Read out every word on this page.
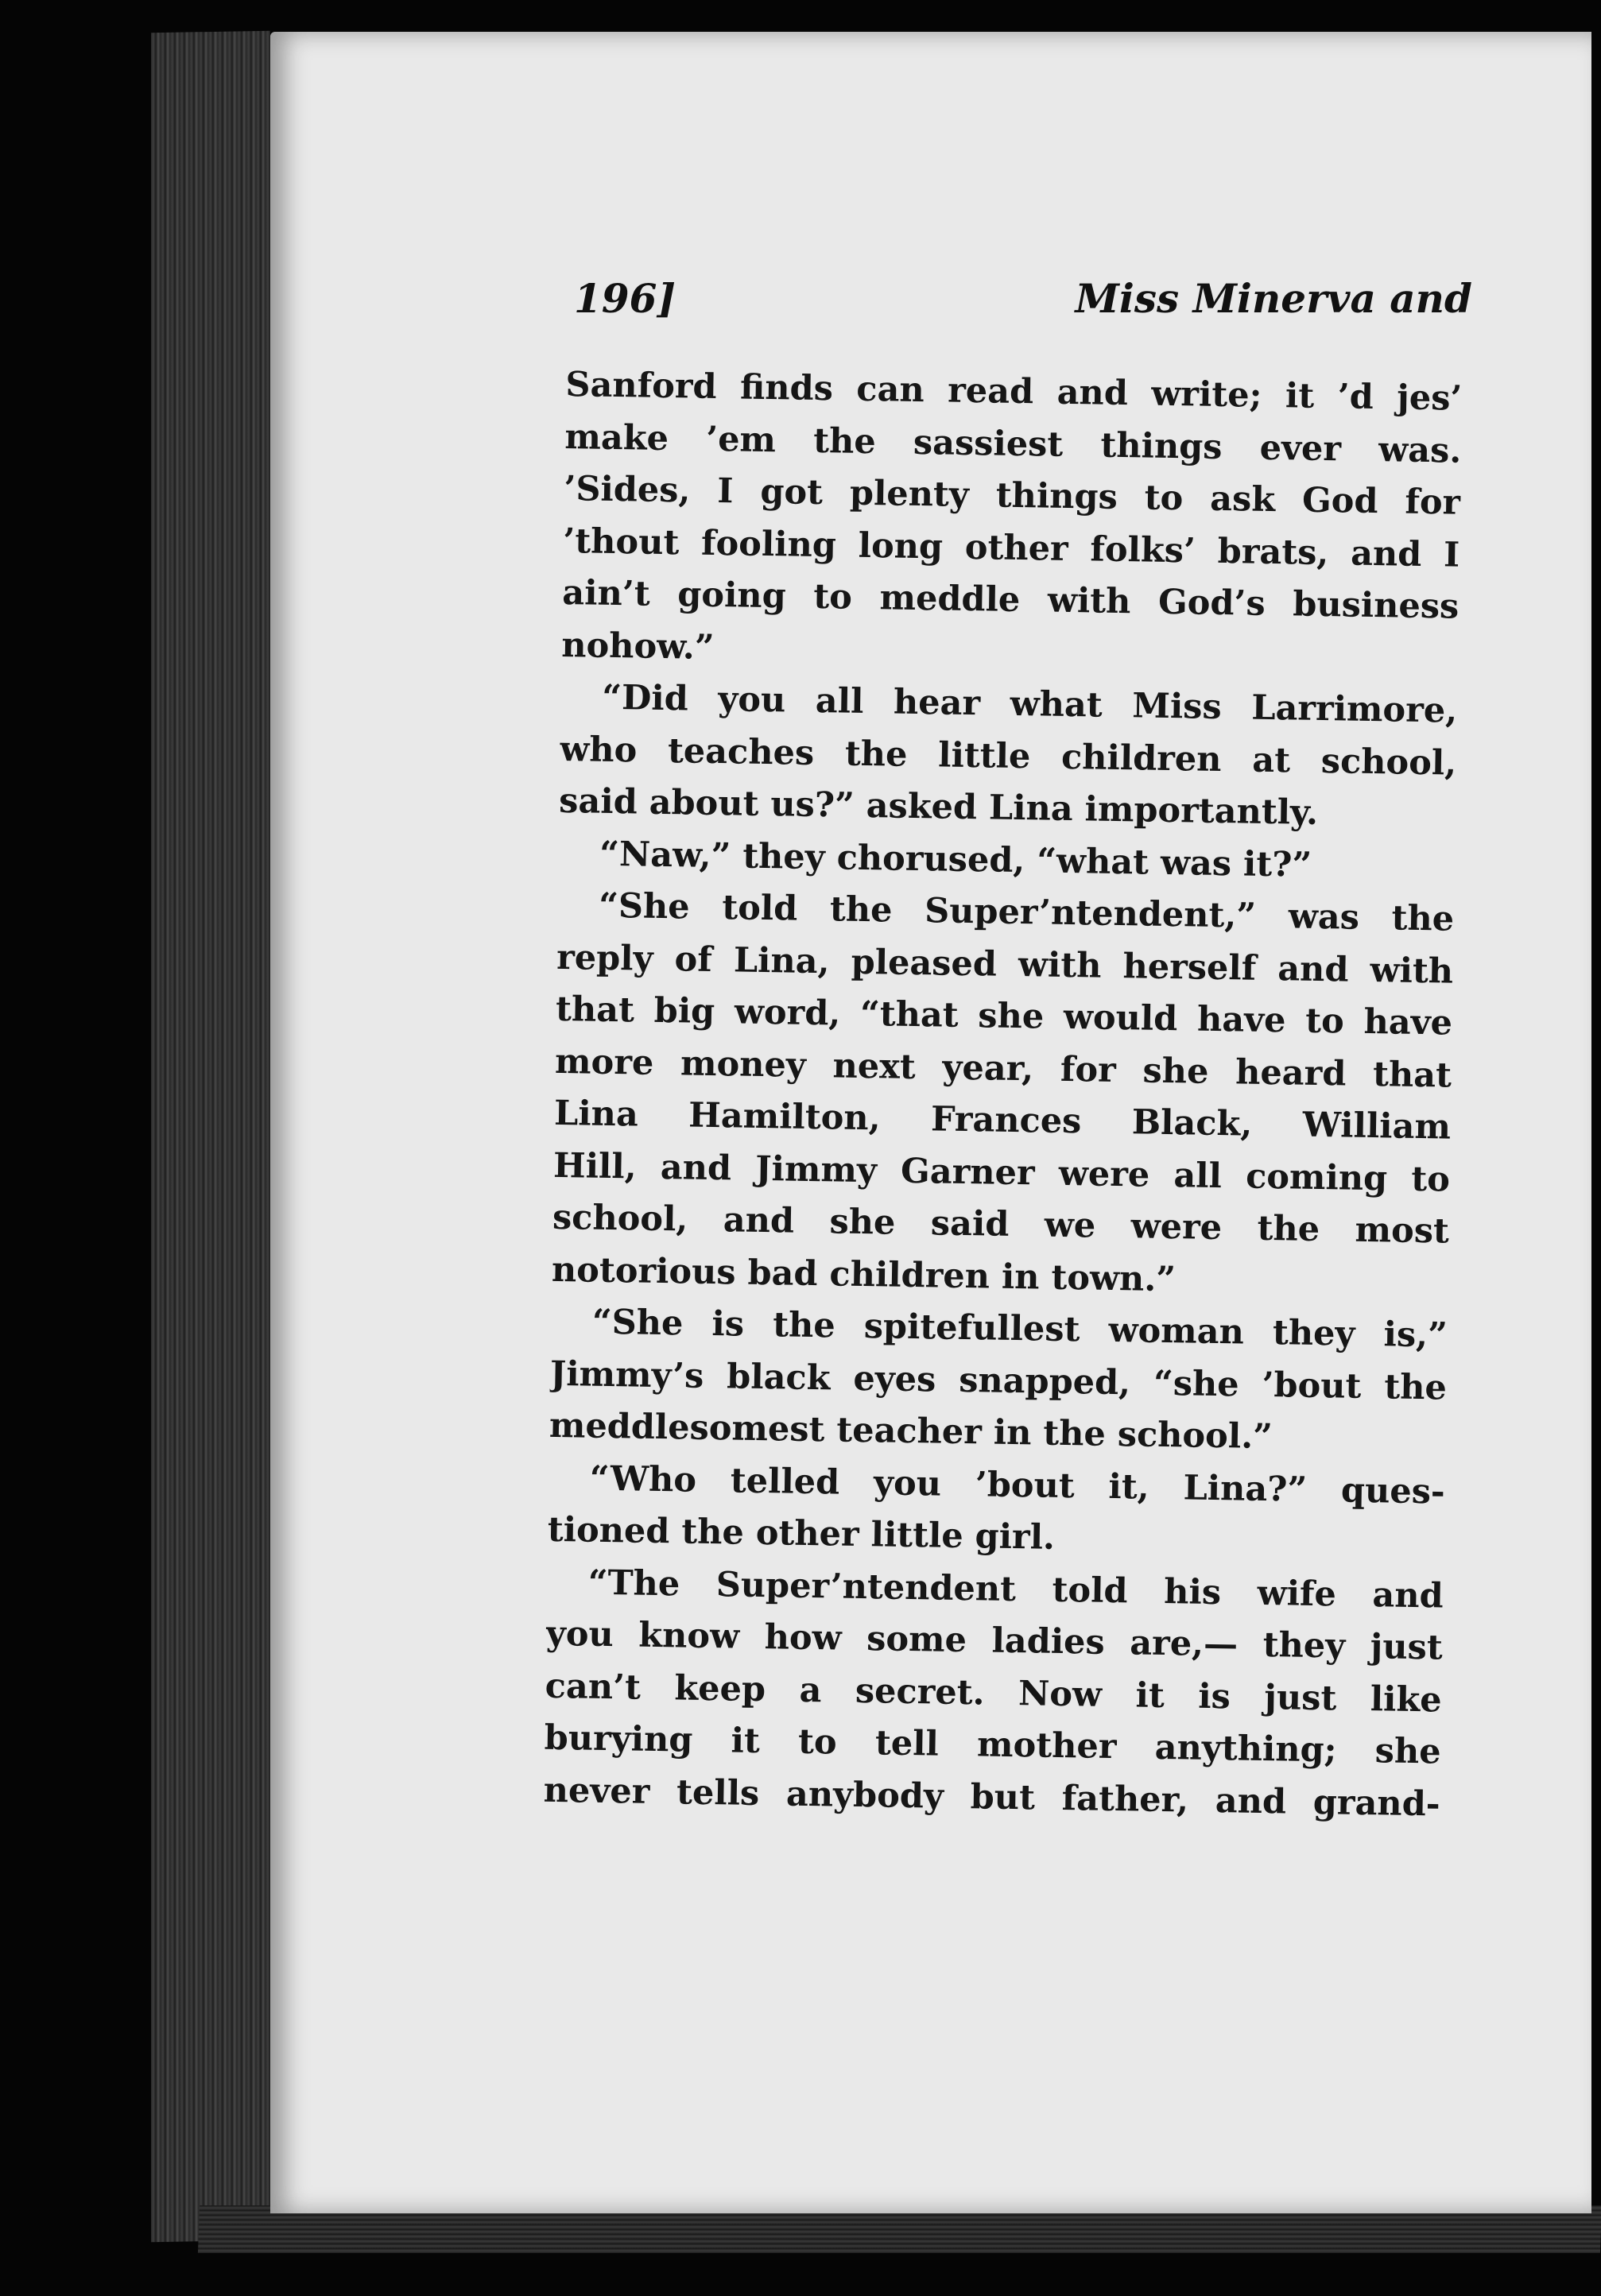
196]	Miss Minerva and
Sanford finds can read and write; it ’d jes’
make ’em the sassiest things ever was.
’Sides, I got plenty things to ask God for
’thout fooling long other folks’ brats, and I
ain’t going to meddle with God’s business
nohow.”
“Did you all hear what Miss Larrimore,
who teaches the little children at school,
said about us?” asked Lina importantly.
“Naw,” they chorused, “what was it?”
“She told the Super’ntendent,” was the
reply of Lina, pleased with herself and with
that big word, “that she would have to have
more money next year, for she heard that
Lina Hamilton, Frances Black, William
Hill, and Jimmy Garner were all coming to
school, and she said we were the most
notorious bad children in town.”
“She is the spitefullest woman they is,”
Jimmy’s black eyes snapped, “she ’bout the
meddlesomest teacher in the school.”
“Who telled you ’bout it, Lina?” ques-
tioned the other little girl.
“The Super’ntendent told his wife and
you know how some ladies are,— they just
can’t keep a secret. Now it is just like
burying it to tell mother anything; she
never tells anybody but father, and grand-
